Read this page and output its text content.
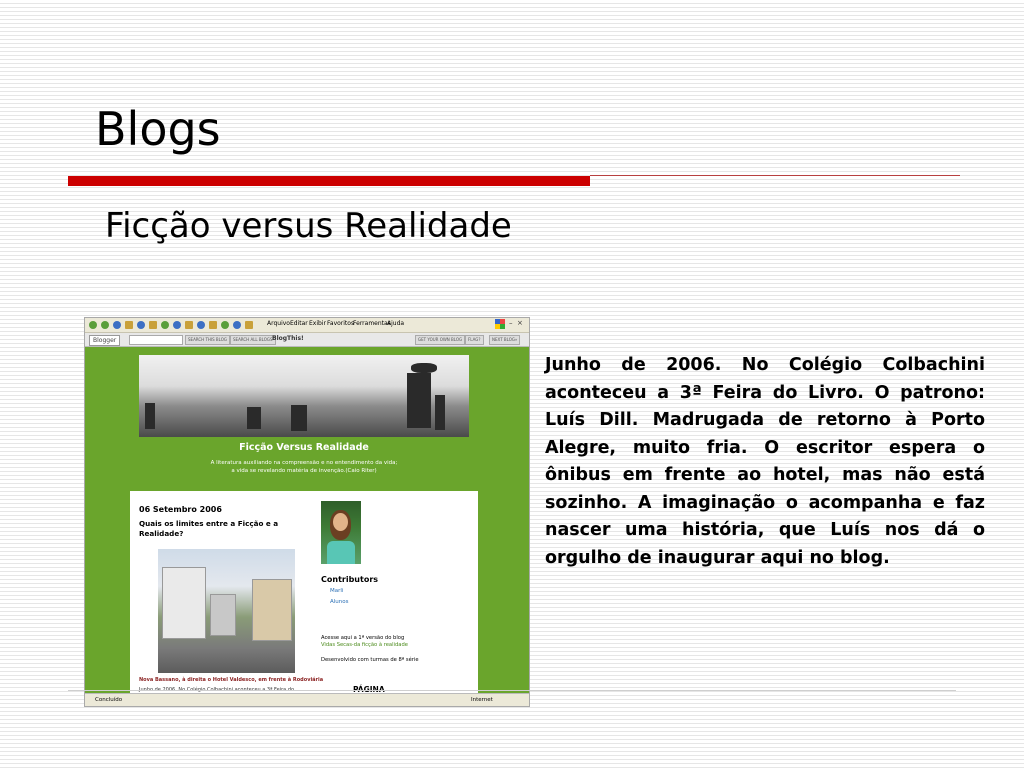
Blogs
Ficção versus Realidade
Arquivo Editar Exibir Favoritos
Ferramentas
Ajuda	– ×
Blogger	SEARCH THIS BLOG	SEARCH ALL BLOGS BlogThis!	GET YOUR OWN BLOG	FLAG?	NEXT BLOG»
Ficção Versus Realidade
A literatura auxiliando na compreensão e no entendimento da vida;
a vida se revelando matéria de invenção.(Caio Riter)
06 Setembro 2006
Quais os limites entre a Ficção e a Realidade?
Nova Bassano, à direita o Hotel Valdesco, em frente à Rodoviária
Contributors
Marli
Alunos
Acesse aqui a 1ª versão do blog
Vidas Secas-da ficção à realidade
Desenvolvido com turmas de 8ª série
Concluído	Internet

Junho de 2006. No Colégio Colbachini aconteceu a 3ª Feira do Livro. O patrono: Luís Dill. Madrugada de retorno à Porto Alegre, muito fria. O escritor espera o ônibus em frente ao hotel, mas não está sozinho. A imaginação o acompanha e faz nascer uma história, que Luís nos dá o orgulho de inaugurar aqui no blog.
